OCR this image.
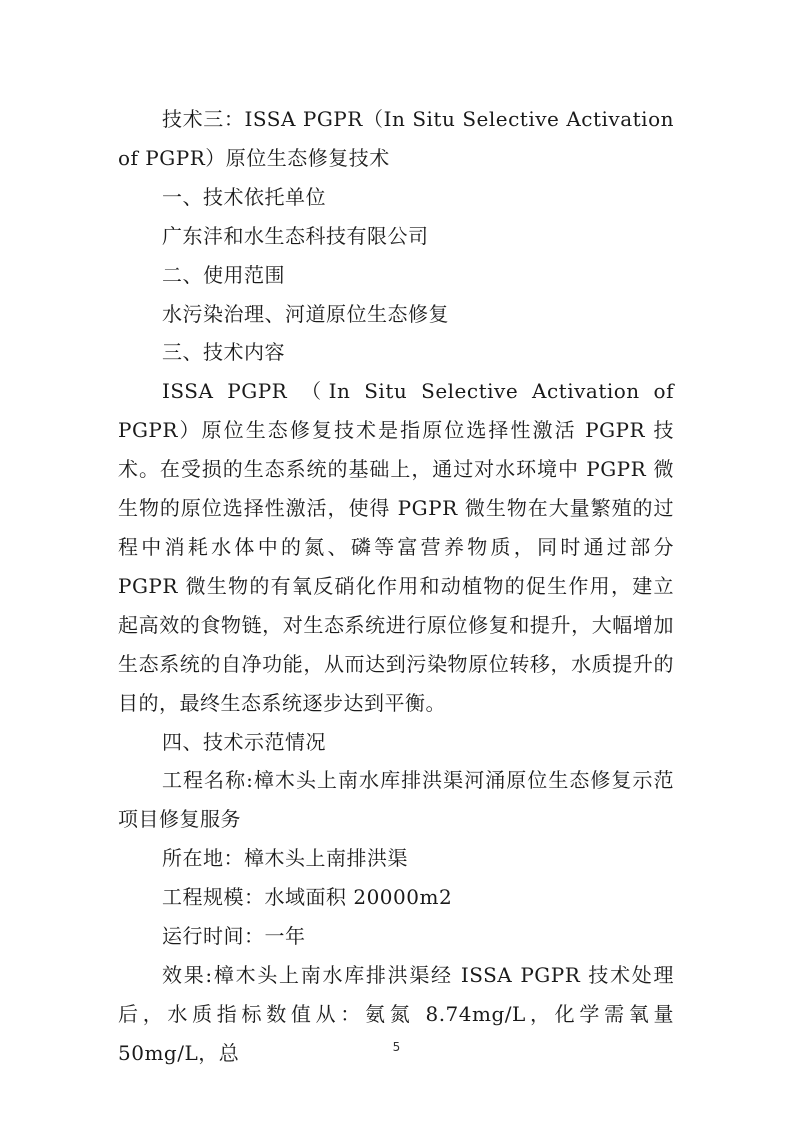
技术三：ISSA PGPR（In Situ Selective Activation of PGPR）原位生态修复技术

一、技术依托单位

广东沣和水生态科技有限公司

二、使用范围

水污染治理、河道原位生态修复

三、技术内容

ISSA PGPR （In Situ Selective Activation of PGPR）原位生态修复技术是指原位选择性激活 PGPR 技术。在受损的生态系统的基础上，通过对水环境中 PGPR 微生物的原位选择性激活，使得 PGPR 微生物在大量繁殖的过程中消耗水体中的氮、磷等富营养物质，同时通过部分 PGPR 微生物的有氧反硝化作用和动植物的促生作用，建立起高效的食物链，对生态系统进行原位修复和提升，大幅增加生态系统的自净功能，从而达到污染物原位转移，水质提升的目的，最终生态系统逐步达到平衡。

四、技术示范情况

工程名称:樟木头上南水库排洪渠河涌原位生态修复示范项目修复服务

所在地：樟木头上南排洪渠

工程规模：水域面积 20000m2

运行时间：一年

效果:樟木头上南水库排洪渠经 ISSA PGPR 技术处理后，水质指标数值从：氨氮 8.74mg/L，化学需氧量 50mg/L，总	5
